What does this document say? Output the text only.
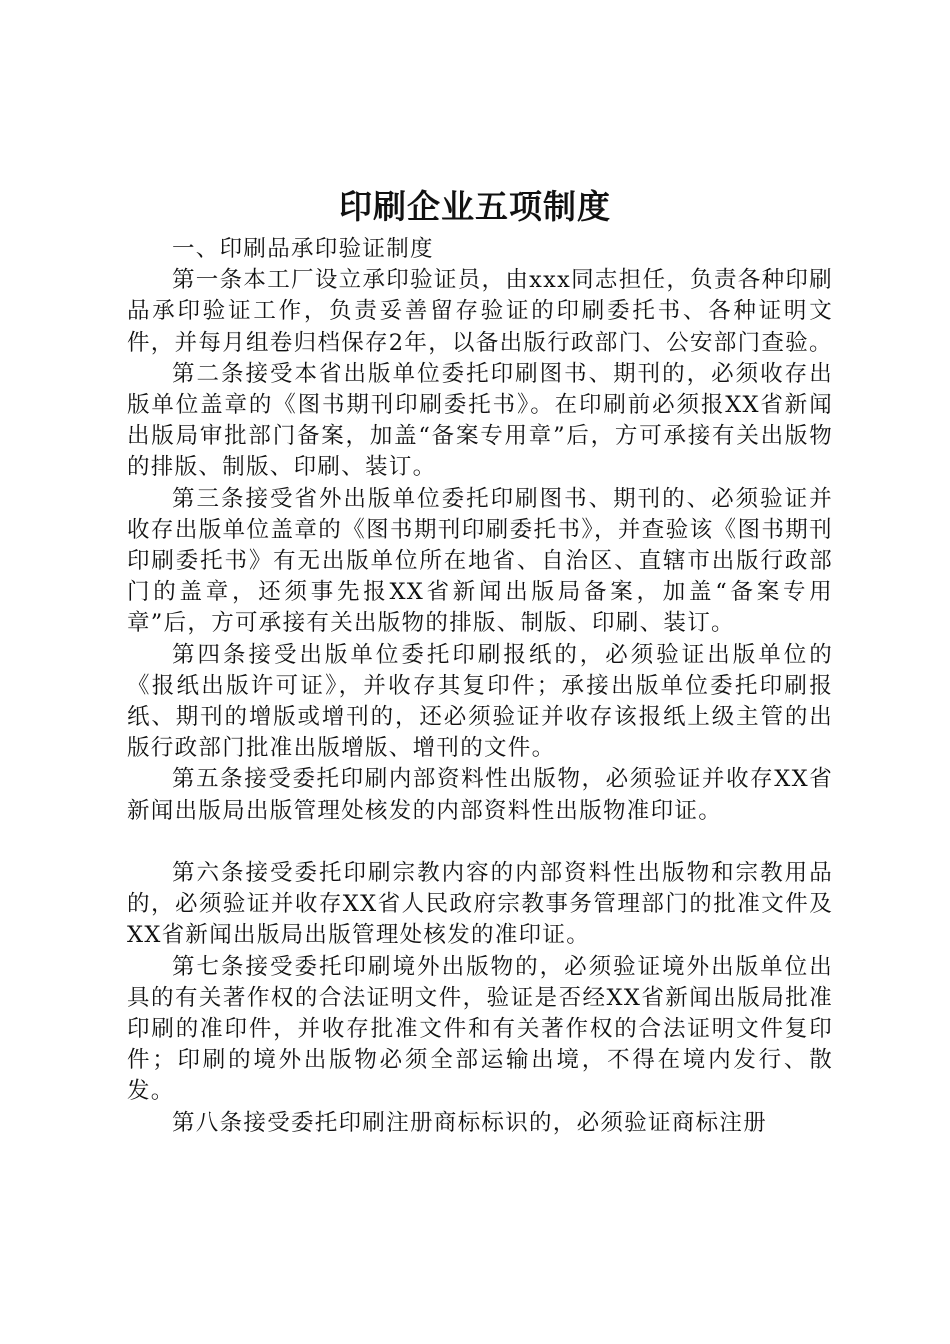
印刷企业五项制度

一、印刷品承印验证制度

第一条本工厂设立承印验证员，由xxx同志担任，负责各种印刷品承印验证工作，负责妥善留存验证的印刷委托书、各种证明文件，并每月组卷归档保存2年，以备出版行政部门、公安部门查验。

第二条接受本省出版单位委托印刷图书、期刊的，必须收存出版单位盖章的《图书期刊印刷委托书》。在印刷前必须报XX省新闻出版局审批部门备案，加盖“备案专用章”后，方可承接有关出版物的排版、制版、印刷、装订。

第三条接受省外出版单位委托印刷图书、期刊的、必须验证并收存出版单位盖章的《图书期刊印刷委托书》，并查验该《图书期刊印刷委托书》有无出版单位所在地省、自治区、直辖市出版行政部门的盖章，还须事先报XX省新闻出版局备案，加盖“备案专用章”后，方可承接有关出版物的排版、制版、印刷、装订。

第四条接受出版单位委托印刷报纸的，必须验证出版单位的《报纸出版许可证》，并收存其复印件；承接出版单位委托印刷报纸、期刊的增版或增刊的，还必须验证并收存该报纸上级主管的出版行政部门批准出版增版、增刊的文件。

第五条接受委托印刷内部资料性出版物，必须验证并收存XX省新闻出版局出版管理处核发的内部资料性出版物准印证。

第六条接受委托印刷宗教内容的内部资料性出版物和宗教用品的，必须验证并收存XX省人民政府宗教事务管理部门的批准文件及XX省新闻出版局出版管理处核发的准印证。

第七条接受委托印刷境外出版物的，必须验证境外出版单位出具的有关著作权的合法证明文件，验证是否经XX省新闻出版局批准印刷的准印件，并收存批准文件和有关著作权的合法证明文件复印件；印刷的境外出版物必须全部运输出境，不得在境内发行、散发。

第八条接受委托印刷注册商标标识的，必须验证商标注册
